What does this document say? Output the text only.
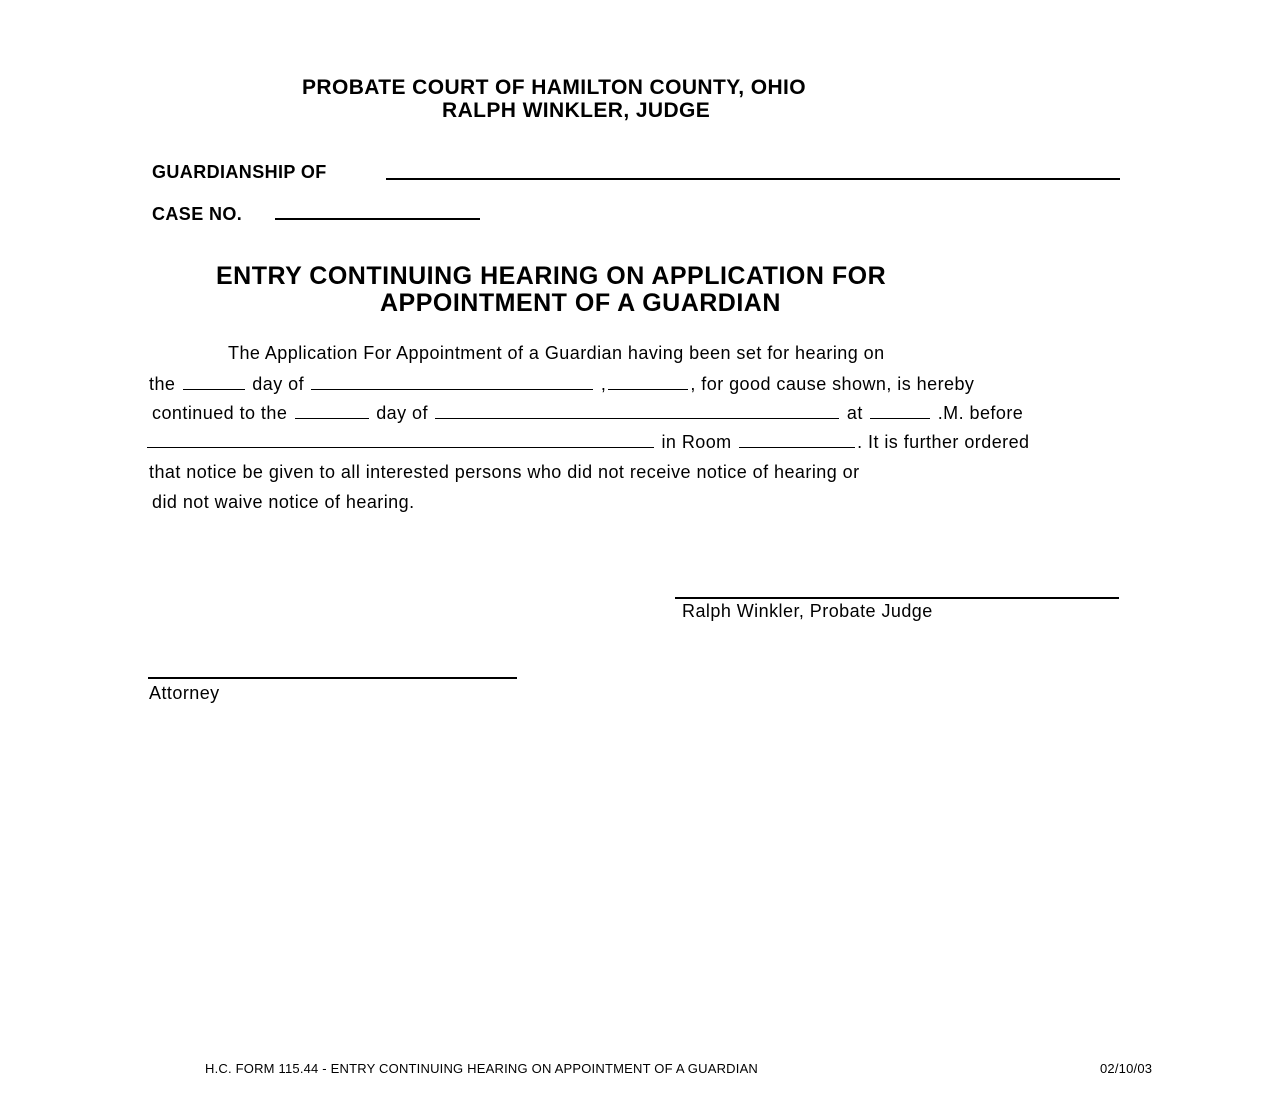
PROBATE COURT OF HAMILTON COUNTY, OHIO
RALPH WINKLER, JUDGE
GUARDIANSHIP OF
CASE NO.
ENTRY CONTINUING HEARING ON APPLICATION FOR
APPOINTMENT OF A GUARDIAN
The Application For Appointment of a Guardian having been set for hearing on
the	day of	,	, for good cause shown, is hereby
continued to the	day of	at	.M. before
in Room	. It is further ordered
that notice be given to all interested persons who did not receive notice of hearing or
did not waive notice of hearing.
Ralph Winkler, Probate Judge
Attorney
H.C. FORM 115.44 - ENTRY CONTINUING HEARING ON APPOINTMENT OF A GUARDIAN	02/10/03
